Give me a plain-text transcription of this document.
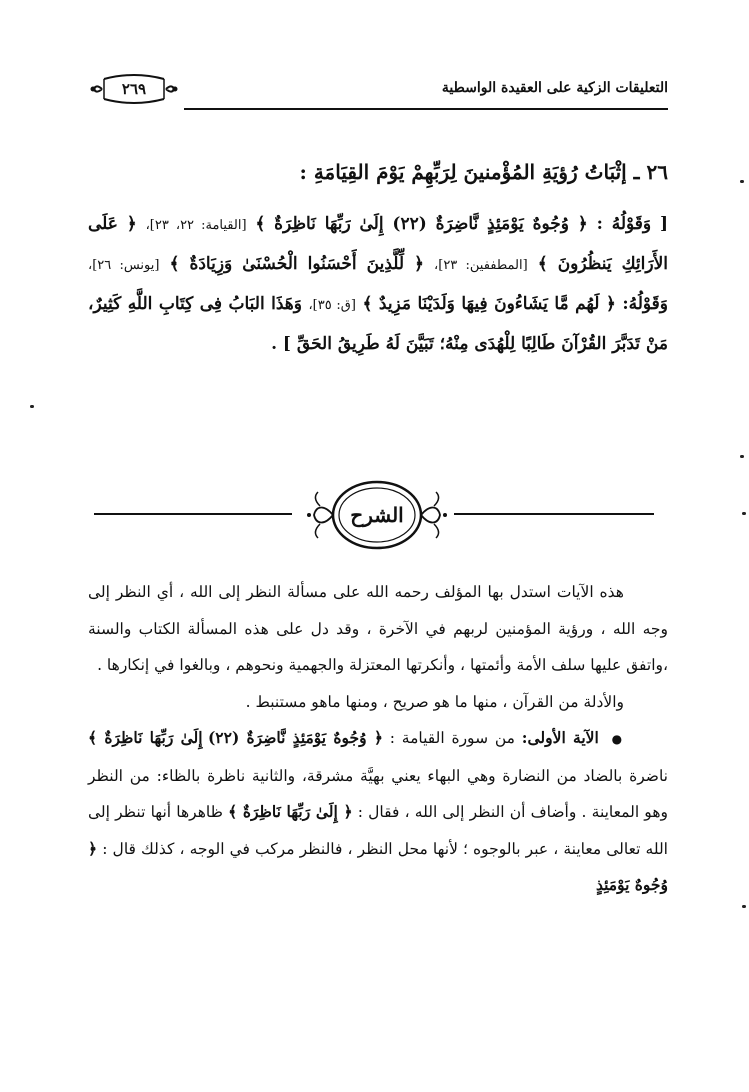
التعليقات الزكية على العقيدة الواسطية
٢٦٩
٢٦ ـ إثْبَاتُ رُؤيَةِ المُؤْمنينَ لِرَبِّهِمْ يَوْمَ القِيَامَةِ :

[ وَقَوْلُهُ : ﴿ وُجُوهٌ يَوْمَئِذٍ نَّاضِرَةٌ (٢٢) إِلَىٰ رَبِّهَا نَاظِرَةٌ ﴾ [القيامة: ٢٢، ٢٣]، ﴿ عَلَى الأَرَائِكِ يَنظُرُونَ ﴾ [المطففين: ٢٣]، ﴿ لِّلَّذِينَ أَحْسَنُوا الْحُسْنَىٰ وَزِيَادَةٌ ﴾ [يونس: ٢٦]، وَقَوْلُهُ: ﴿ لَهُم مَّا يَشَاءُونَ فِيهَا وَلَدَيْنَا مَزِيدٌ ﴾ [ق: ٣٥]، وَهَذَا البَابُ فِى كِتَابِ اللَّهِ كَثِيرٌ، مَنْ تَدَبَّرَ القُرْآنَ طَالِبًا لِلْهُدَى مِنْهُ؛ تَبَيَّنَ لَهُ طَرِيقُ الحَقِّ ] .

الشرح

هذه الآيات استدل بها المؤلف رحمه الله على مسألة النظر إلى الله ، أي النظر إلى وجه الله ، ورؤية المؤمنين لربهم في الآخرة ، وقد دل على هذه المسألة الكتاب والسنة ،واتفق عليها سلف الأمة وأئمتها ، وأنكرتها المعتزلة والجهمية ونحوهم ، وبالغوا في إنكارها .

والأدلة من القرآن ، منها ما هو صريح ، ومنها ماهو مستنبط .

● الآية الأولى: من سورة القيامة : ﴿ وُجُوهٌ يَوْمَئِذٍ نَّاضِرَةٌ (٢٢) إِلَىٰ رَبِّهَا نَاظِرَةٌ ﴾ ناضرة بالضاد من النضارة وهي البهاء يعني بهيَّة مشرقة، والثانية ناظرة بالظاء: من النظر وهو المعاينة . وأضاف أن النظر إلى الله ، فقال : ﴿ إِلَىٰ رَبِّهَا نَاظِرَةٌ ﴾ ظاهرها أنها تنظر إلى الله تعالى معاينة ، عبر بالوجوه ؛ لأنها محل النظر ، فالنظر مركب في الوجه ، كذلك قال : ﴿ وُجُوهٌ يَوْمَئِذٍ
